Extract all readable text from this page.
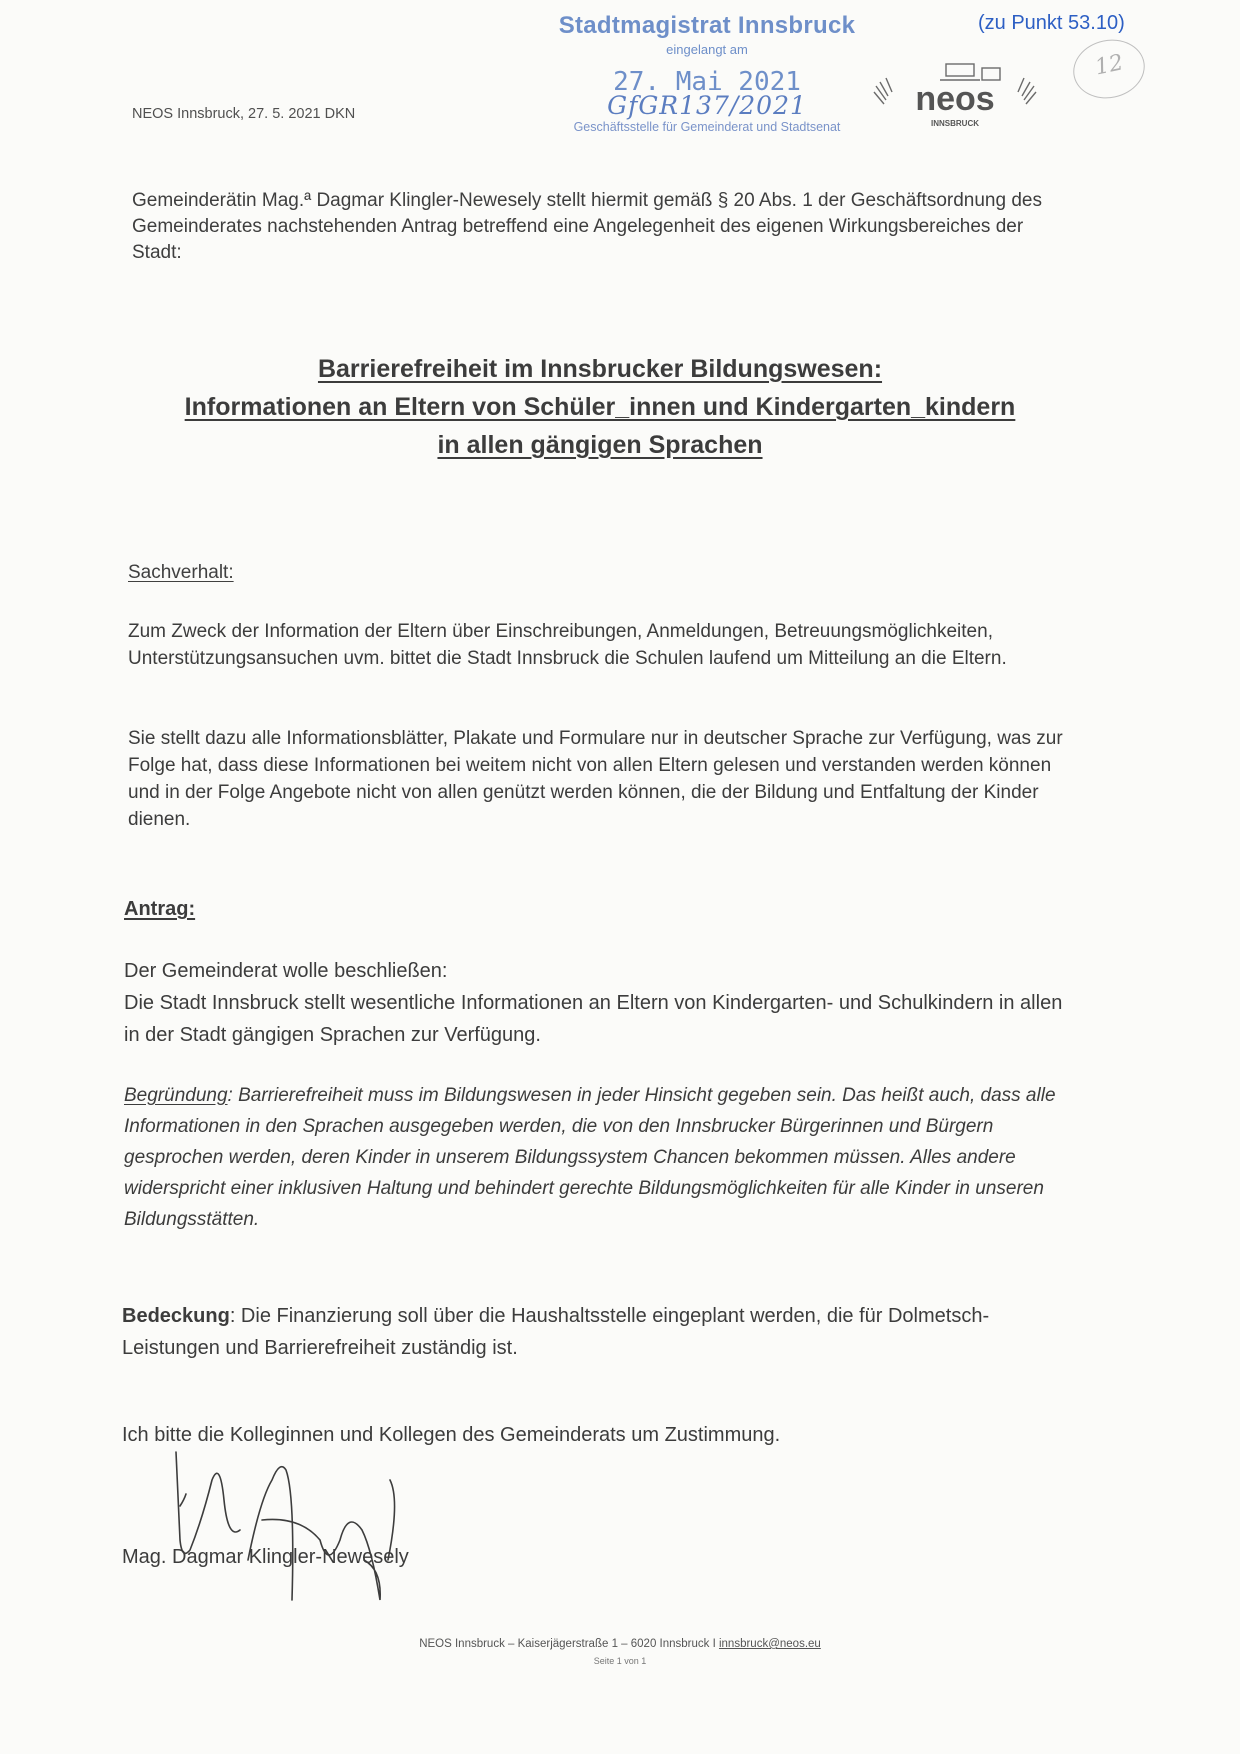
(zu Punkt 53.10)
12
Stadtmagistrat Innsbruck
eingelangt am
27. Mai 2021
GfGR137/2021
Geschäftsstelle für Gemeinderat und Stadtsenat
neos
INNSBRUCK
NEOS Innsbruck, 27. 5. 2021 DKN
Gemeinderätin Mag.ª Dagmar Klingler-Newesely stellt hiermit gemäß § 20 Abs. 1 der Geschäftsordnung des Gemeinderates nachstehenden Antrag betreffend eine Angelegenheit des eigenen Wirkungsbereiches der Stadt:
Barrierefreiheit im Innsbrucker Bildungswesen:
Informationen an Eltern von Schüler_innen und Kindergarten_kindern
in allen gängigen Sprachen
Sachverhalt:
Zum Zweck der Information der Eltern über Einschreibungen, Anmeldungen, Betreuungsmöglichkeiten, Unterstützungsansuchen uvm. bittet die Stadt Innsbruck die Schulen laufend um Mitteilung an die Eltern.
Sie stellt dazu alle Informationsblätter, Plakate und Formulare nur in deutscher Sprache zur Verfügung, was zur Folge hat, dass diese Informationen bei weitem nicht von allen Eltern gelesen und verstanden werden können und in der Folge Angebote nicht von allen genützt werden können, die der Bildung und Entfaltung der Kinder dienen.
Antrag:
Der Gemeinderat wolle beschließen:
Die Stadt Innsbruck stellt wesentliche Informationen an Eltern von Kindergarten- und Schulkindern in allen in der Stadt gängigen Sprachen zur Verfügung.
Begründung: Barrierefreiheit muss im Bildungswesen in jeder Hinsicht gegeben sein. Das heißt auch, dass alle Informationen in den Sprachen ausgegeben werden, die von den Innsbrucker Bürgerinnen und Bürgern gesprochen werden, deren Kinder in unserem Bildungssystem Chancen bekommen müssen. Alles andere widerspricht einer inklusiven Haltung und behindert gerechte Bildungsmöglichkeiten für alle Kinder in unseren Bildungsstätten.
Bedeckung: Die Finanzierung soll über die Haushaltsstelle eingeplant werden, die für Dolmetsch-Leistungen und Barrierefreiheit zuständig ist.
Ich bitte die Kolleginnen und Kollegen des Gemeinderats um Zustimmung.
Mag. Dagmar Klingler-Newesely
NEOS Innsbruck – Kaiserjägerstraße 1 – 6020 Innsbruck I innsbruck@neos.eu
Seite 1 von 1
